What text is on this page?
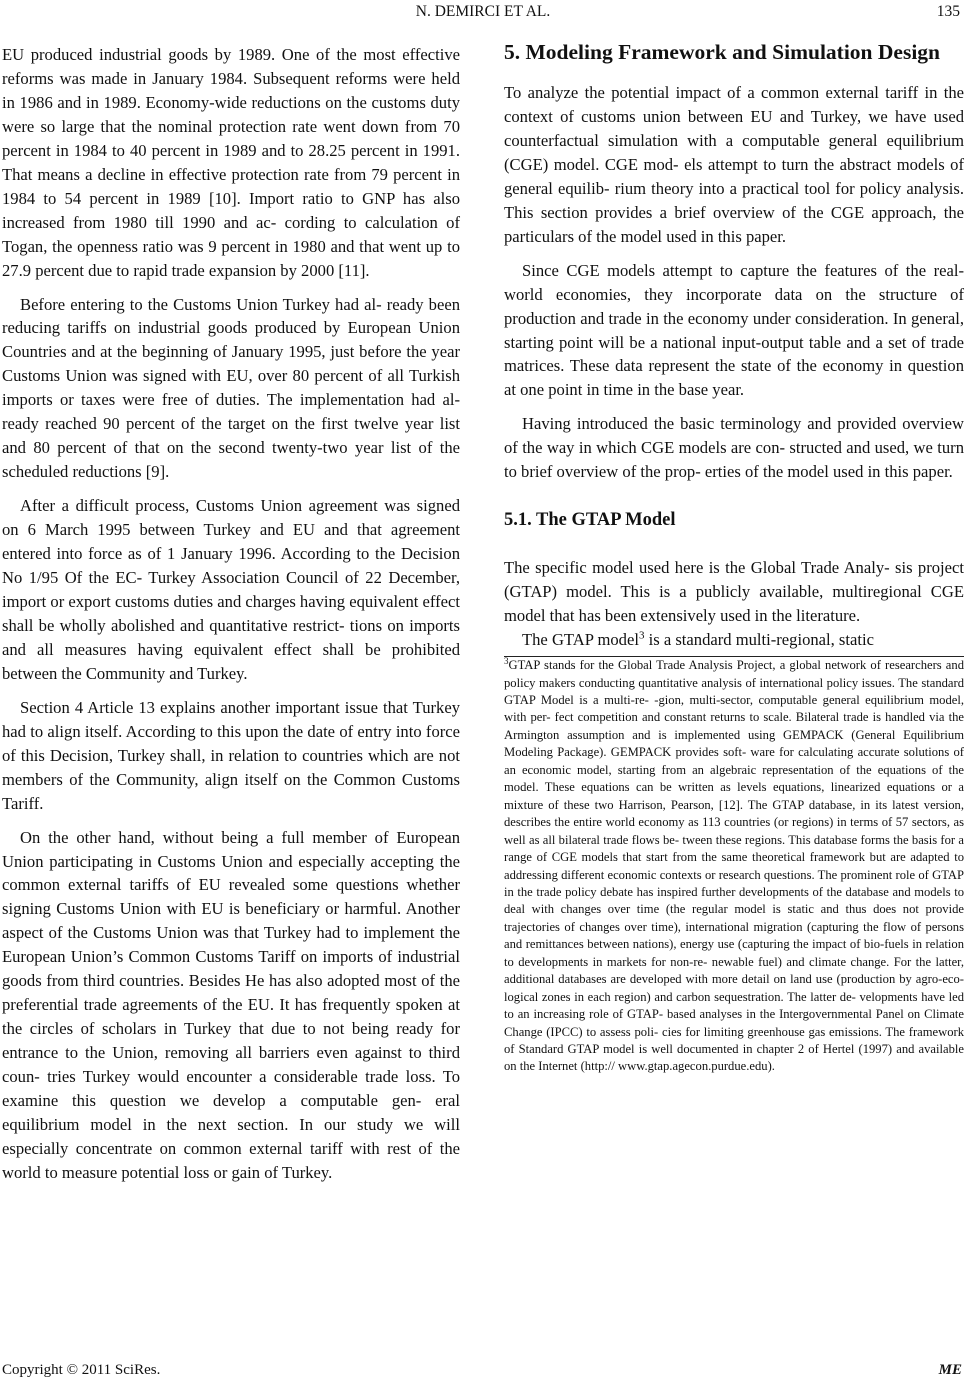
N. DEMIRCI ET AL.	135

EU produced industrial goods by 1989. One of the most effective reforms was made in January 1984. Subsequent reforms were held in 1986 and in 1989. Economy-wide reductions on the customs duty were so large that the nominal protection rate went down from 70 percent in 1984 to 40 percent in 1989 and to 28.25 percent in 1991. That means a decline in effective protection rate from 79 percent in 1984 to 54 percent in 1989 [10]. Import ratio to GNP has also increased from 1980 till 1990 and ac- cording to calculation of Togan, the openness ratio was 9 percent in 1980 and that went up to 27.9 percent due to rapid trade expansion by 2000 [11].

Before entering to the Customs Union Turkey had al- ready been reducing tariffs on industrial goods produced by European Union Countries and at the beginning of January 1995, just before the year Customs Union was signed with EU, over 80 percent of all Turkish imports or taxes were free of duties. The implementation had al- ready reached 90 percent of the target on the first twelve year list and 80 percent of that on the second twenty-two year list of the scheduled reductions [9].

After a difficult process, Customs Union agreement was signed on 6 March 1995 between Turkey and EU and that agreement entered into force as of 1 January 1996. According to the Decision No 1/95 Of the EC- Turkey Association Council of 22 December, import or export customs duties and charges having equivalent effect shall be wholly abolished and quantitative restrict- tions on imports and all measures having equivalent effect shall be prohibited between the Community and Turkey.

Section 4 Article 13 explains another important issue that Turkey had to align itself. According to this upon the date of entry into force of this Decision, Turkey shall, in relation to countries which are not members of the Community, align itself on the Common Customs Tariff.

On the other hand, without being a full member of European Union participating in Customs Union and especially accepting the common external tariffs of EU revealed some questions whether signing Customs Union with EU is beneficiary or harmful. Another aspect of the Customs Union was that Turkey had to implement the European Union’s Common Customs Tariff on imports of industrial goods from third countries. Besides He has also adopted most of the preferential trade agreements of the EU. It has frequently spoken at the circles of scholars in Turkey that due to not being ready for entrance to the Union, removing all barriers even against to third coun- tries Turkey would encounter a considerable trade loss. To examine this question we develop a computable gen- eral equilibrium model in the next section. In our study we will especially concentrate on common external tariff with rest of the world to measure potential loss or gain of Turkey.

5. Modeling Framework and Simulation Design

To analyze the potential impact of a common external tariff in the context of customs union between EU and Turkey, we have used counterfactual simulation with a computable general equilibrium (CGE) model. CGE mod- els attempt to turn the abstract models of general equilib- rium theory into a practical tool for policy analysis. This section provides a brief overview of the CGE approach, the particulars of the model used in this paper.

Since CGE models attempt to capture the features of the real-world economies, they incorporate data on the structure of production and trade in the economy under consideration. In general, starting point will be a national input-output table and a set of trade matrices. These data represent the state of the economy in question at one point in time in the base year.

Having introduced the basic terminology and provided overview of the way in which CGE models are con- structed and used, we turn to brief overview of the prop- erties of the model used in this paper.

5.1. The GTAP Model

The specific model used here is the Global Trade Analy- sis project (GTAP) model. This is a publicly available, multiregional CGE model that has been extensively used in the literature.

The GTAP model$^3$ is a standard multi-regional, static

$^3$GTAP stands for the Global Trade Analysis Project, a global network of researchers and policy makers conducting quantitative analysis of international policy issues. The standard GTAP Model is a multi-re- -gion, multi-sector, computable general equilibrium model, with per- fect competition and constant returns to scale. Bilateral trade is handled via the Armington assumption and is implemented using GEMPACK (General Equilibrium Modeling Package). GEMPACK provides soft- ware for calculating accurate solutions of an economic model, starting from an algebraic representation of the equations of the model. These equations can be written as levels equations, linearized equations or a mixture of these two Harrison, Pearson, [12]. The GTAP database, in its latest version, describes the entire world economy as 113 countries (or regions) in terms of 57 sectors, as well as all bilateral trade flows be- tween these regions. This database forms the basis for a range of CGE models that start from the same theoretical framework but are adapted to addressing different economic contexts or research questions. The prominent role of GTAP in the trade policy debate has inspired further developments of the database and models to deal with changes over time (the regular model is static and thus does not provide trajectories of changes over time), international migration (capturing the flow of persons and remittances between nations), energy use (capturing the impact of bio-fuels in relation to developments in markets for non-re- newable fuel) and climate change. For the latter, additional databases are developed with more detail on land use (production by agro-eco- logical zones in each region) and carbon sequestration. The latter de- velopments have led to an increasing role of GTAP- based analyses in the Intergovernmental Panel on Climate Change (IPCC) to assess poli- cies for limiting greenhouse gas emissions. The framework of Standard GTAP model is well documented in chapter 2 of Hertel (1997) and available on the Internet (http:// www.gtap.agecon.purdue.edu).

Copyright © 2011 SciRes.	ME
